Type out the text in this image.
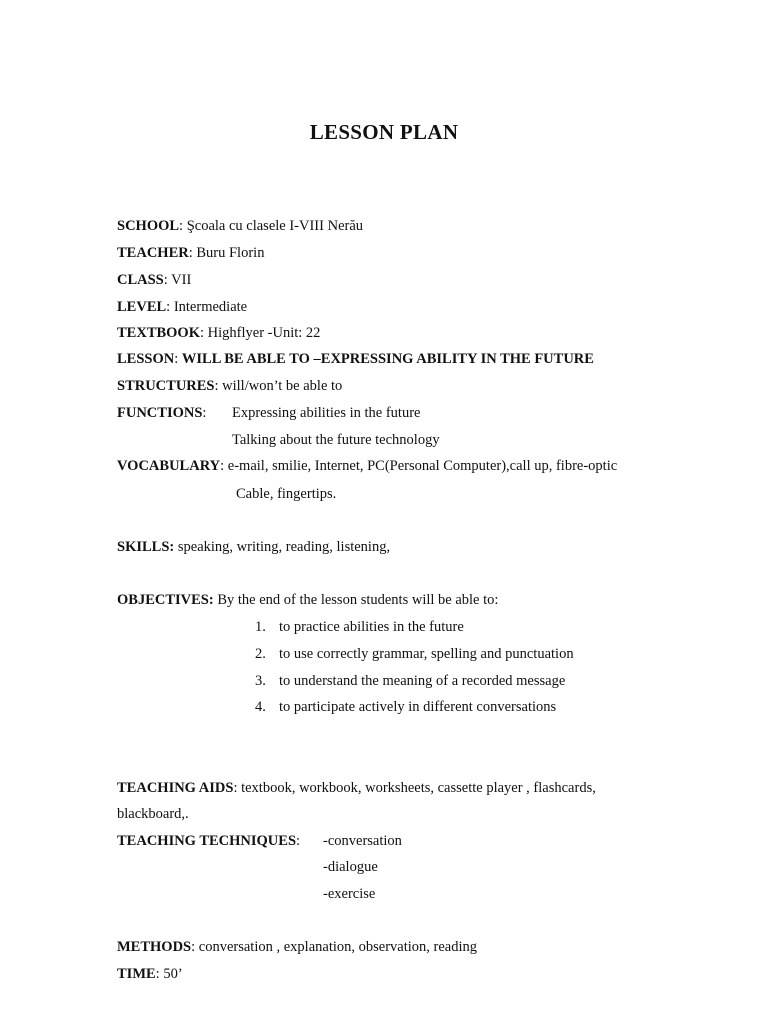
LESSON PLAN
SCHOOL: Şcoala cu clasele I-VIII Nerău
TEACHER: Buru Florin
CLASS: VII
LEVEL: Intermediate
TEXTBOOK: Highflyer -Unit: 22
LESSON: WILL BE ABLE TO –EXPRESSING ABILITY IN THE FUTURE
STRUCTURES: will/won’t be able to
FUNCTIONS: Expressing abilities in the future
Talking about the future technology
VOCABULARY: e-mail, smilie, Internet, PC(Personal Computer),call up, fibre-optic
Cable, fingertips.
SKILLS: speaking, writing, reading, listening,
OBJECTIVES: By the end of the lesson students will be able to:
1. to practice abilities in the future
2. to use correctly grammar, spelling and punctuation
3. to understand the meaning of a recorded message
4. to participate actively in different conversations
TEACHING AIDS: textbook, workbook, worksheets, cassette player , flashcards,
blackboard,.
TEACHING TECHNIQUES: -conversation
-dialogue
-exercise
METHODS: conversation , explanation, observation, reading
TIME: 50’
